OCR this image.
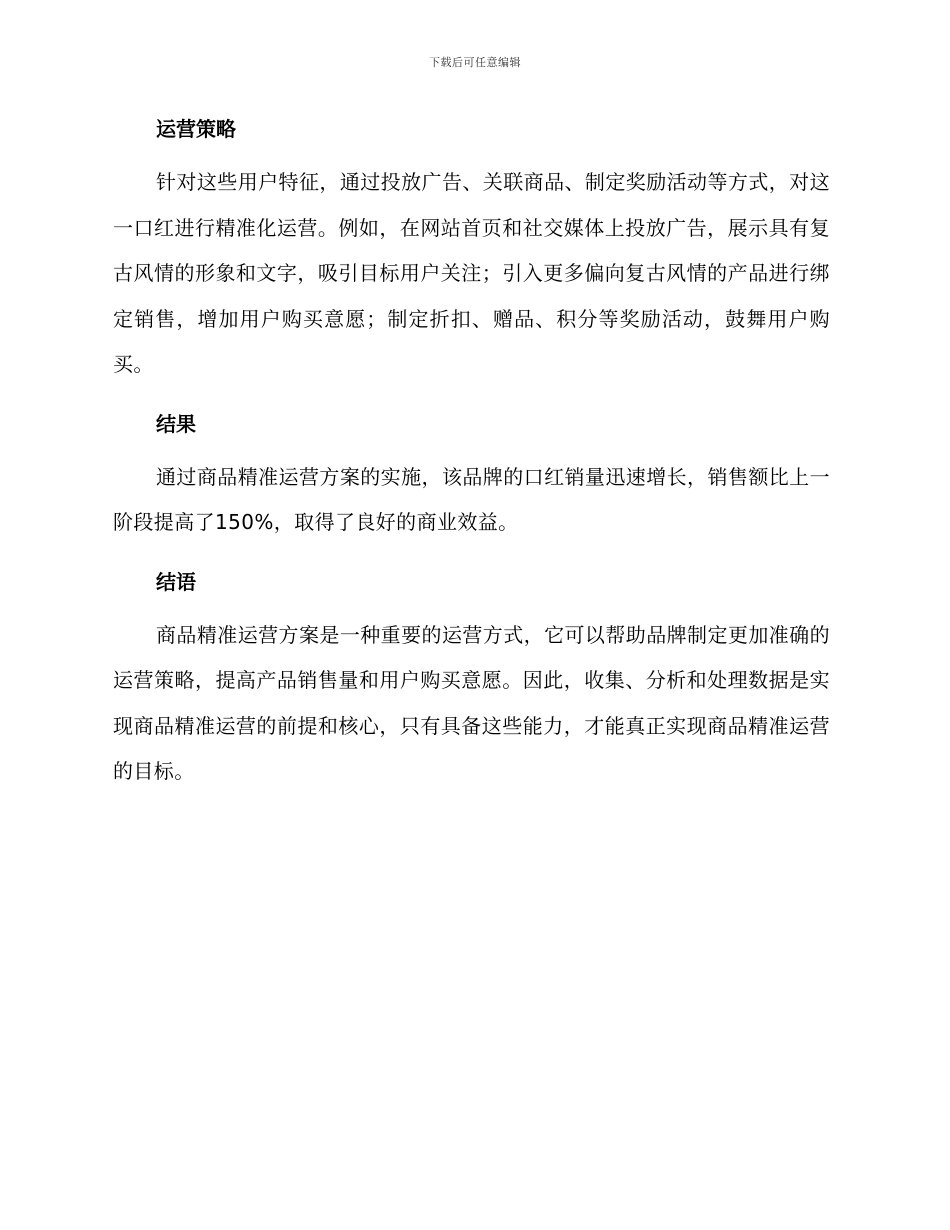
下载后可任意编辑
运营策略

针对这些用户特征，通过投放广告、关联商品、制定奖励活动等方式，对这一口红进行精准化运营。例如，在网站首页和社交媒体上投放广告，展示具有复古风情的形象和文字，吸引目标用户关注；引入更多偏向复古风情的产品进行绑定销售，增加用户购买意愿；制定折扣、赠品、积分等奖励活动，鼓舞用户购买。

结果

通过商品精准运营方案的实施，该品牌的口红销量迅速增长，销售额比上一阶段提高了150%，取得了良好的商业效益。

结语

商品精准运营方案是一种重要的运营方式，它可以帮助品牌制定更加准确的运营策略，提高产品销售量和用户购买意愿。因此，收集、分析和处理数据是实现商品精准运营的前提和核心，只有具备这些能力，才能真正实现商品精准运营的目标。
